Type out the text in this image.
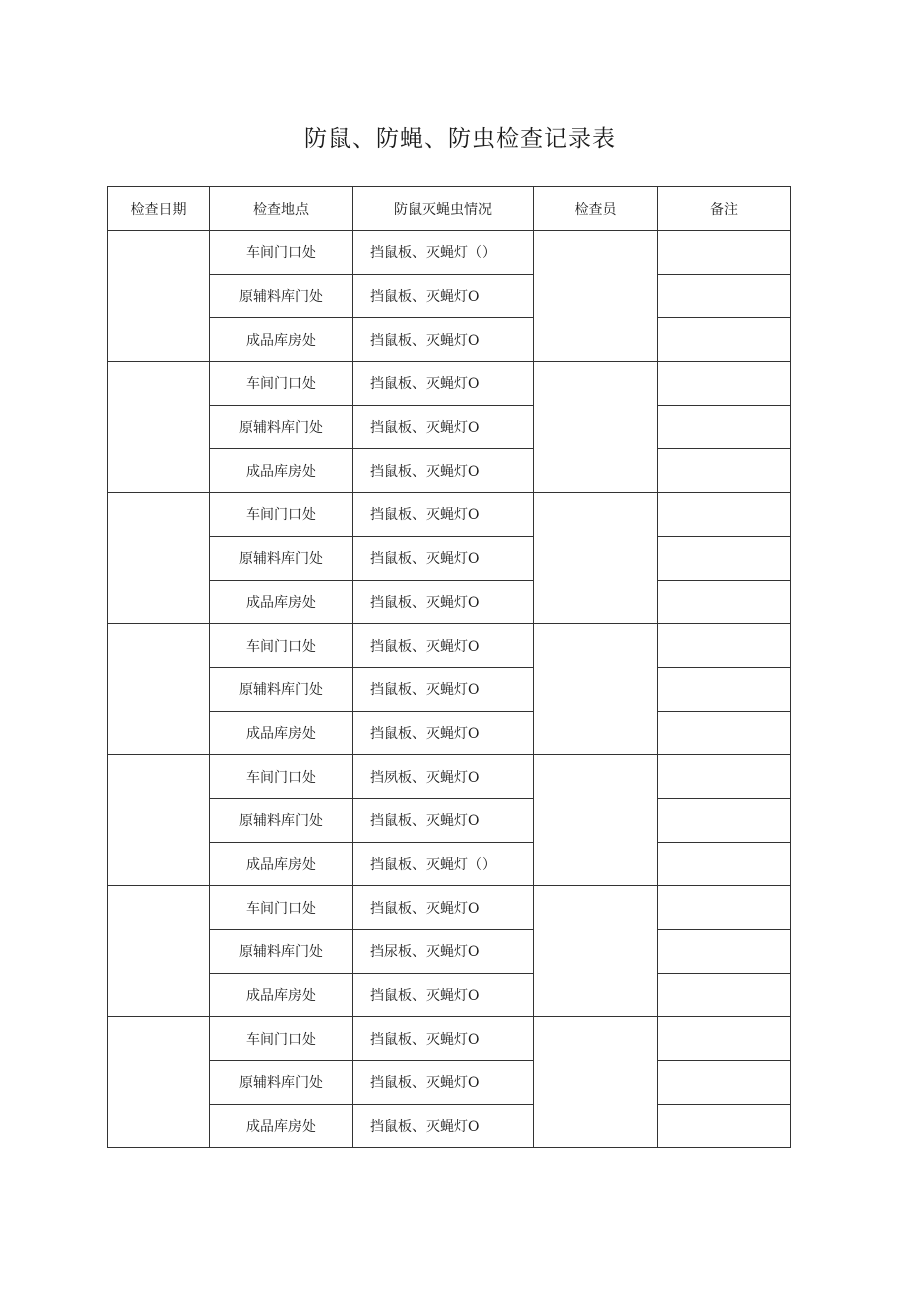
防鼠、防蝇、防虫检查记录表
检查日期	检查地点	防鼠灭蝇虫情况	检查员	备注
	车间门口处	挡鼠板、灭蝇灯（）		
	原辅料库门处	挡鼠板、灭蝇灯O		
	成品库房处	挡鼠板、灭蝇灯O		
	车间门口处	挡鼠板、灭蝇灯O		
	原辅料库门处	挡鼠板、灭蝇灯O		
	成品库房处	挡鼠板、灭蝇灯O		
	车间门口处	挡鼠板、灭蝇灯O		
	原辅料库门处	挡鼠板、灭蝇灯O		
	成品库房处	挡鼠板、灭蝇灯O		
	车间门口处	挡鼠板、灭蝇灯O		
	原辅料库门处	挡鼠板、灭蝇灯O		
	成品库房处	挡鼠板、灭蝇灯O		
	车间门口处	挡夙板、灭蝇灯O		
	原辅料库门处	挡鼠板、灭蝇灯O		
	成品库房处	挡鼠板、灭蝇灯（）		
	车间门口处	挡鼠板、灭蝇灯O		
	原辅料库门处	挡尿板、灭蝇灯O		
	成品库房处	挡鼠板、灭蝇灯O		
	车间门口处	挡鼠板、灭蝇灯O		
	原辅料库门处	挡鼠板、灭蝇灯O		
	成品库房处	挡鼠板、灭蝇灯O		
